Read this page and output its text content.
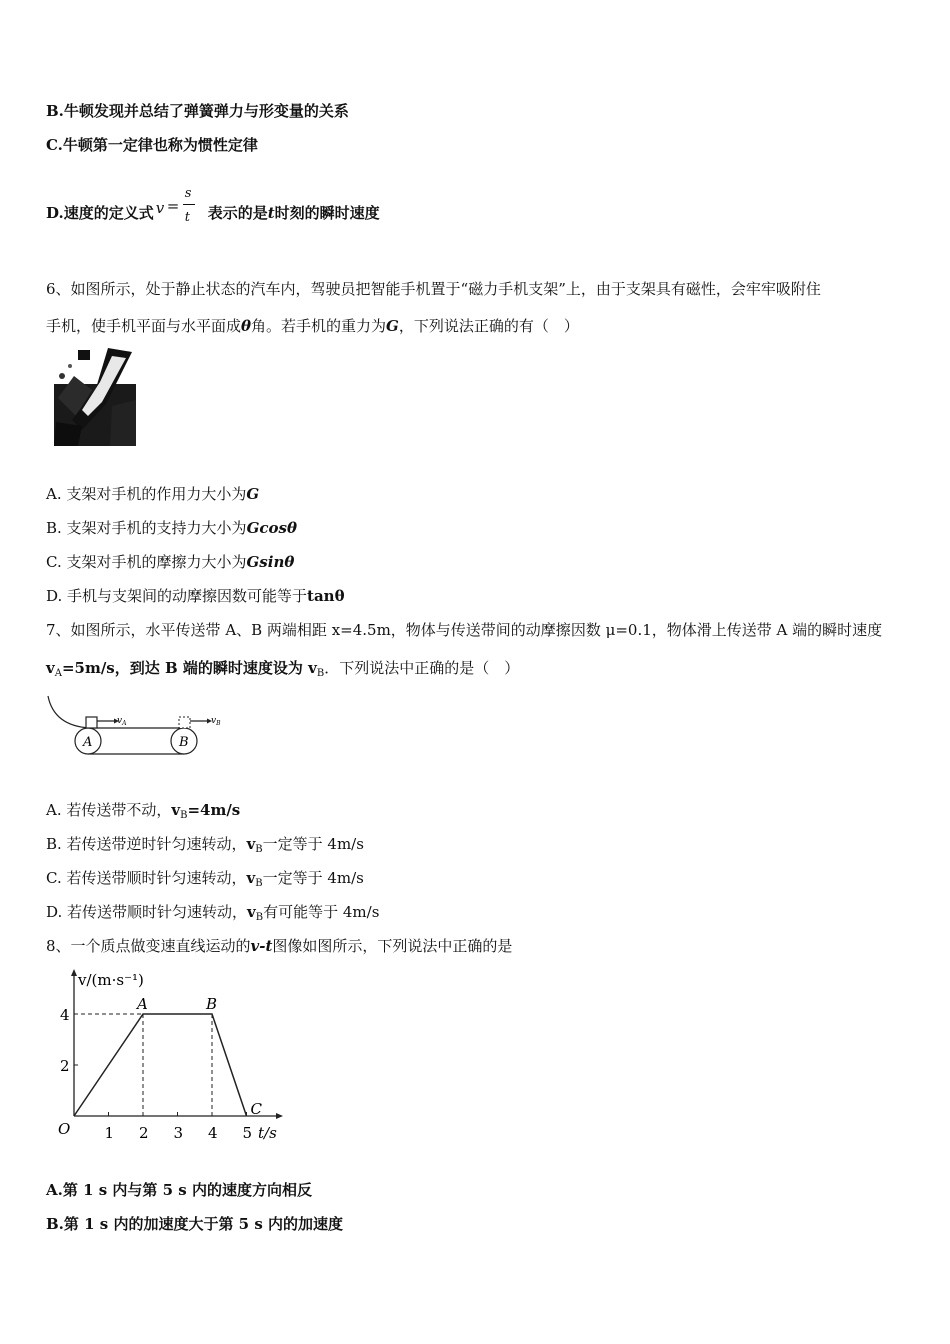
B.牛顿发现并总结了弹簧弹力与形变量的关系
C.牛顿第一定律也称为惯性定律
D.速度的定义式 v =
s
t 表示的是t时刻的瞬时速度
6、如图所示，处于静止状态的汽车内，驾驶员把智能手机置于“磁力手机支架”上，由于支架具有磁性，会牢牢吸附住
手机，使手机平面与水平面成θ角。若手机的重力为G，下列说法正确的有（　）
A. 支架对手机的作用力大小为G
B. 支架对手机的支持力大小为Gcosθ
C. 支架对手机的摩擦力大小为Gsinθ
D. 手机与支架间的动摩擦因数可能等于tanθ
7、如图所示，水平传送带 A、B 两端相距 x=4.5m，物体与传送带间的动摩擦因数 μ=0.1，物体滑上传送带 A 端的瞬时速度
$v_A=5m/s$，到达 B 端的瞬时速度设为 $v_B$．下列说法中正确的是（　）
A	B
$v_A$	$v_B$
A. 若传送带不动，$v_B=4m/s$
B. 若传送带逆时针匀速转动，$v_B$一定等于 4m/s
C. 若传送带顺时针匀速转动，$v_B$一定等于 4m/s
D. 若传送带顺时针匀速转动，$v_B$有可能等于 4m/s
8、一个质点做变速直线运动的v-t图像如图所示，下列说法中正确的是
v/(m·s⁻¹)
t/s
1 2 3 4 5
2
4
O
A	B
C
A.第 1 s 内与第 5 s 内的速度方向相反
B.第 1 s 内的加速度大于第 5 s 内的加速度
